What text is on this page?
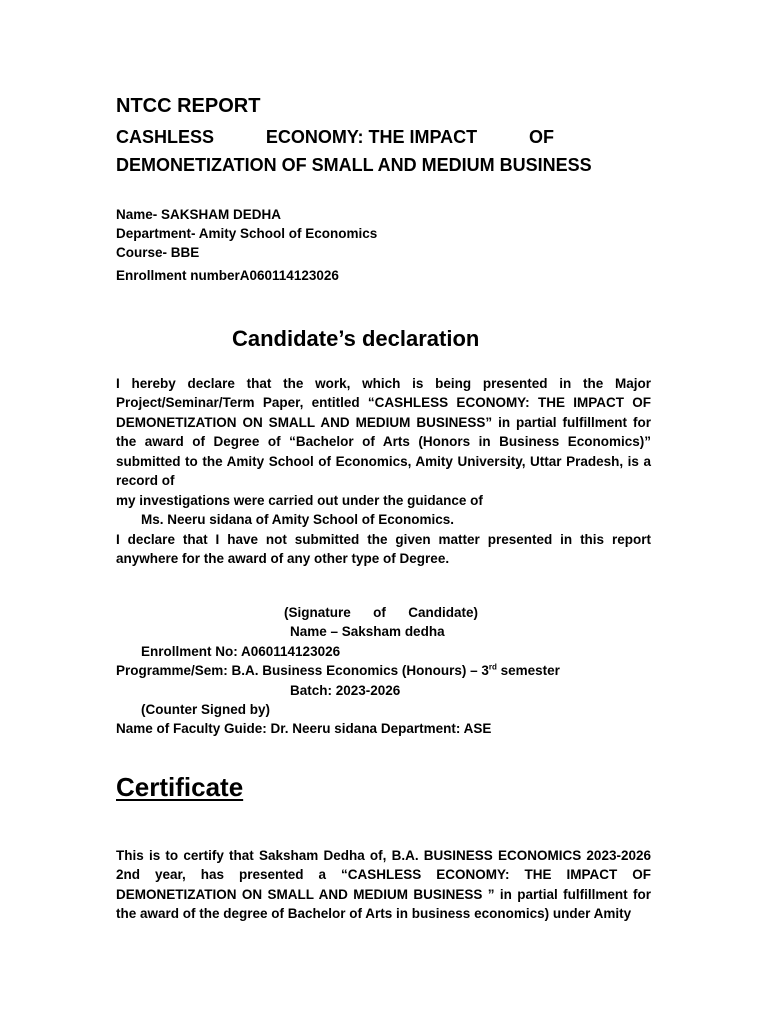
NTCC REPORT
CASHLESS	ECONOMY: THE IMPACT	OF
DEMONETIZATION OF SMALL AND MEDIUM BUSINESS
Name- SAKSHAM DEDHA
Department- Amity School of Economics
Course- BBE
Enrollment numberA060114123026
Candidate’s declaration
I hereby declare that the work, which is being presented in the Major Project/Seminar/Term Paper, entitled “CASHLESS ECONOMY: THE IMPACT OF DEMONETIZATION ON SMALL AND MEDIUM BUSINESS” in partial fulfillment for the award of Degree of “Bachelor of Arts (Honors in Business Economics)” submitted to the Amity School of Economics, Amity University, Uttar Pradesh, is a record of
my investigations were carried out under the guidance of
Ms. Neeru sidana of Amity School of Economics.
I declare that I have not submitted the given matter presented in this report anywhere for the award of any other type of Degree.
(Signature of Candidate)
Name – Saksham dedha
Enrollment No: A060114123026
Programme/Sem: B.A. Business Economics (Honours) – 3rd semester
Batch: 2023-2026
(Counter Signed by)
Name of Faculty Guide: Dr. Neeru sidana Department: ASE
Certificate
This is to certify that Saksham Dedha of, B.A. BUSINESS ECONOMICS 2023-2026 2nd year, has presented a “CASHLESS ECONOMY: THE IMPACT OF DEMONETIZATION ON SMALL AND MEDIUM BUSINESS ” in partial fulfillment for the award of the degree of Bachelor of Arts in business economics) under Amity
